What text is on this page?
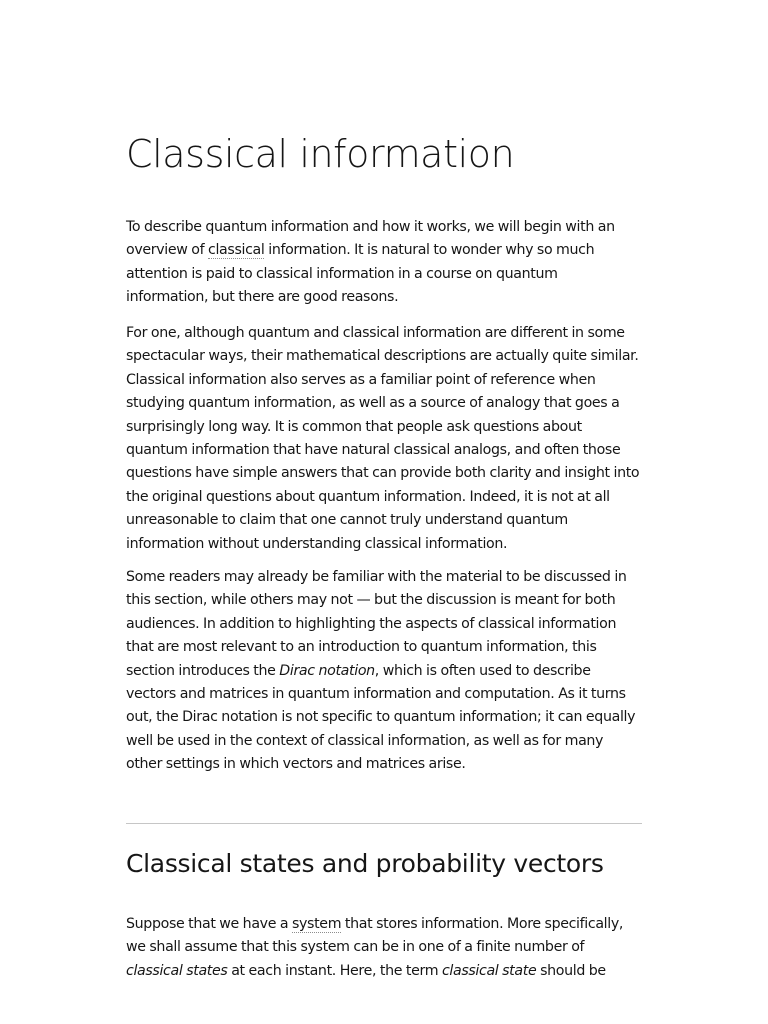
Classical information

To describe quantum information and how it works, we will begin with an
overview of classical information. It is natural to wonder why so much
attention is paid to classical information in a course on quantum
information, but there are good reasons.

For one, although quantum and classical information are different in some
spectacular ways, their mathematical descriptions are actually quite similar.
Classical information also serves as a familiar point of reference when
studying quantum information, as well as a source of analogy that goes a
surprisingly long way. It is common that people ask questions about
quantum information that have natural classical analogs, and often those
questions have simple answers that can provide both clarity and insight into
the original questions about quantum information. Indeed, it is not at all
unreasonable to claim that one cannot truly understand quantum
information without understanding classical information.

Some readers may already be familiar with the material to be discussed in
this section, while others may not — but the discussion is meant for both
audiences. In addition to highlighting the aspects of classical information
that are most relevant to an introduction to quantum information, this
section introduces the Dirac notation, which is often used to describe
vectors and matrices in quantum information and computation. As it turns
out, the Dirac notation is not specific to quantum information; it can equally
well be used in the context of classical information, as well as for many
other settings in which vectors and matrices arise.

Classical states and probability vectors

Suppose that we have a system that stores information. More specifically,
we shall assume that this system can be in one of a finite number of
classical states at each instant. Here, the term classical state should be
